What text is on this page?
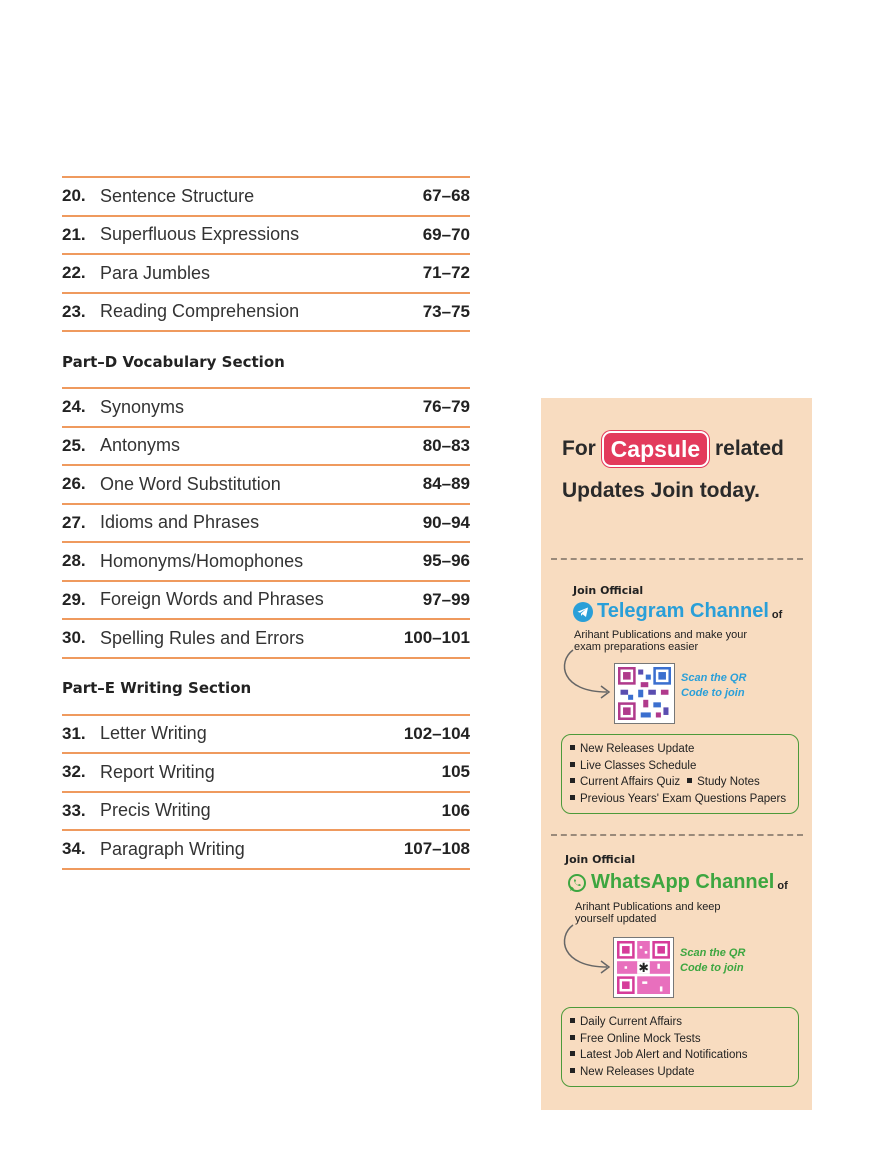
20. Sentence Structure	67–68
21. Superfluous Expressions	69–70
22. Para Jumbles	71–72
23. Reading Comprehension	73–75
Part–D Vocabulary Section
24. Synonyms	76–79
25. Antonyms	80–83
26. One Word Substitution	84–89
27. Idioms and Phrases	90–94
28. Homonyms/Homophones	95–96
29. Foreign Words and Phrases	97–99
30. Spelling Rules and Errors	100–101
Part–E Writing Section
31. Letter Writing	102–104
32. Report Writing	105
33. Precis Writing	106
34. Paragraph Writing	107–108
For Capsule related
Updates Join today.
Join Official
Telegram Channel of
Arihant Publications and make your exam preparations easier
Scan the QR
Code to join
New Releases Update
Live Classes Schedule
Current Affairs Quiz	Study Notes
Previous Years' Exam Questions Papers
Join Official
WhatsApp Channel of
Arihant Publications and keep yourself updated
✱
Scan the QR
Code to join
Daily Current Affairs
Free Online Mock Tests
Latest Job Alert and Notifications
New Releases Update
